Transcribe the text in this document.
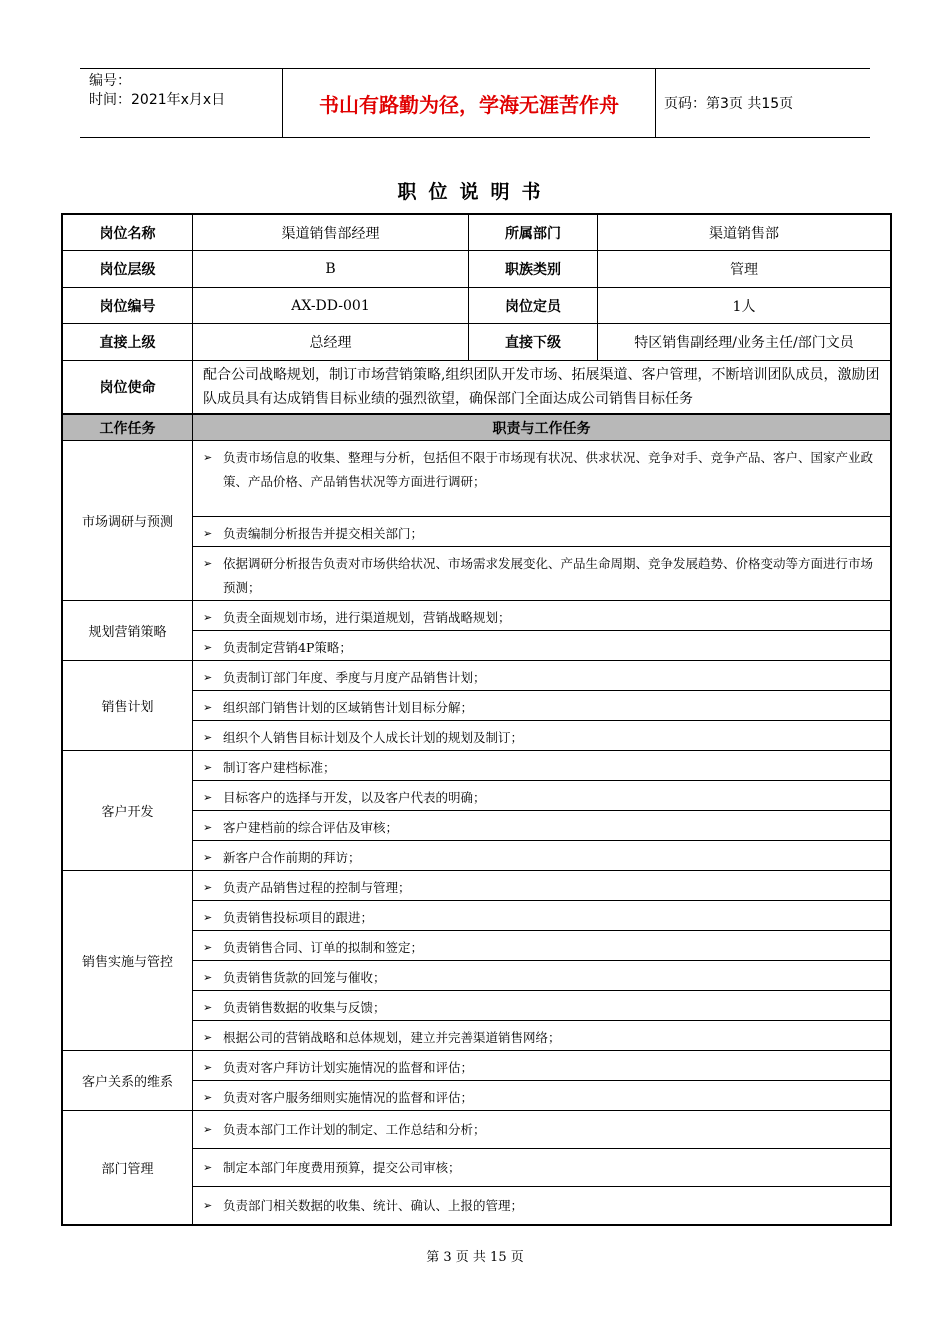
编号：
时间：2021年x月x日	书山有路勤为径，学海无涯苦作舟	页码：第3页 共15页
职位说明书
岗位名称	渠道销售部经理	所属部门	渠道销售部
岗位层级	B	职族类别	管理
岗位编号	AX-DD-001	岗位定员	1人
直接上级	总经理	直接下级	特区销售副经理/业务主任/部门文员
岗位使命
配合公司战略规划，制订市场营销策略,组织团队开发市场、拓展渠道、客户管理，不断培训团队成员，激励团队成员具有达成销售目标业绩的强烈欲望，确保部门全面达成公司销售目标任务
工作任务	职责与工作任务
市场调研与预测
➢ 负责市场信息的收集、整理与分析，包括但不限于市场现有状况、供求状况、竞争对手、竞争产品、客户、国家产业政策、产品价格、产品销售状况等方面进行调研；
➢ 负责编制分析报告并提交相关部门；
➢ 依据调研分析报告负责对市场供给状况、市场需求发展变化、产品生命周期、竞争发展趋势、价格变动等方面进行市场预测；
规划营销策略
➢ 负责全面规划市场，进行渠道规划，营销战略规划；
➢ 负责制定营销4P策略；
销售计划
➢ 负责制订部门年度、季度与月度产品销售计划；
➢ 组织部门销售计划的区域销售计划目标分解；
➢ 组织个人销售目标计划及个人成长计划的规划及制订；
客户开发
➢ 制订客户建档标准；
➢ 目标客户的选择与开发，以及客户代表的明确；
➢ 客户建档前的综合评估及审核；
➢ 新客户合作前期的拜访；
销售实施与管控
➢ 负责产品销售过程的控制与管理；
➢ 负责销售投标项目的跟进；
➢ 负责销售合同、订单的拟制和签定；
➢ 负责销售货款的回笼与催收；
➢ 负责销售数据的收集与反馈；
➢ 根据公司的营销战略和总体规划，建立并完善渠道销售网络；
客户关系的维系
➢ 负责对客户拜访计划实施情况的监督和评估；
➢ 负责对客户服务细则实施情况的监督和评估；
部门管理
➢ 负责本部门工作计划的制定、工作总结和分析；
➢ 制定本部门年度费用预算，提交公司审核；
➢ 负责部门相关数据的收集、统计、确认、上报的管理；
第 3 页 共 15 页
